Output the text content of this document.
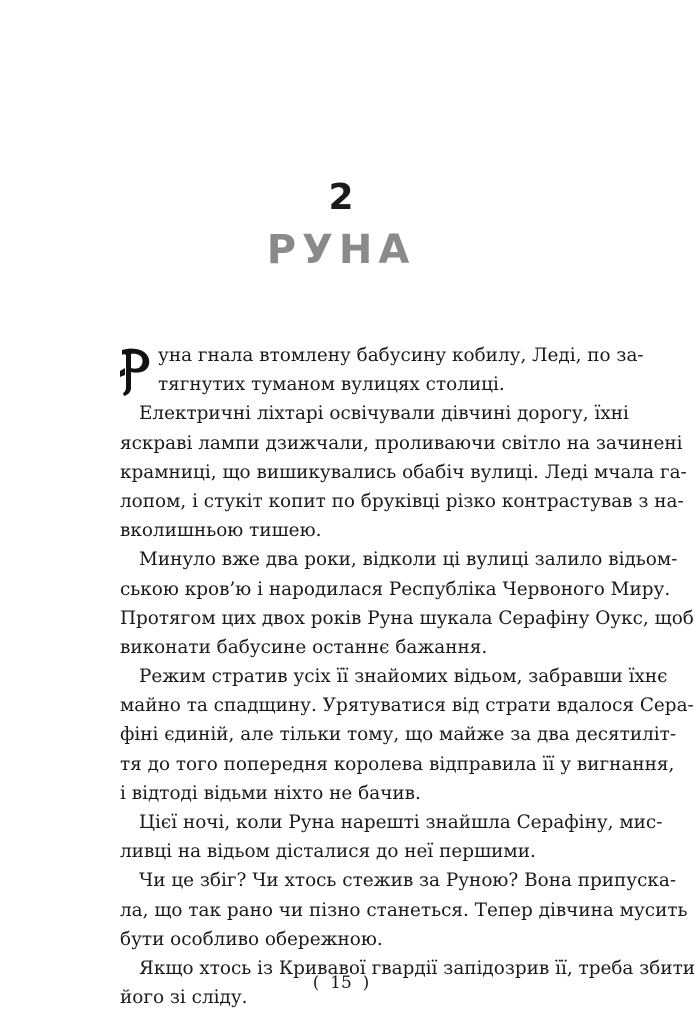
2
РУНА
уна гнала втомлену бабусину кобилу, Леді, по за-
тягнутих туманом вулицях столиці.
Електричні ліхтарі освічували дівчині дорогу, їхні
яскраві лампи дзижчали, проливаючи світло на зачинені
крамниці, що вишикувались обабіч вулиці. Леді мчала га-
лопом, і стукіт копит по бруківці різко контрастував з на-
вколишньою тишею.
Минуло вже два роки, відколи ці вулиці залило відьом-
ською кров’ю і народилася Республіка Червоного Миру.
Протягом цих двох років Руна шукала Серафіну Оукс, щоб
виконати бабусине останнє бажання.
Режим стратив усіх її знайомих відьом, забравши їхнє
майно та спадщину. Урятуватися від страти вдалося Сера-
фіні єдиній, але тільки тому, що майже за два десятиліт-
тя до того попередня королева відправила її у вигнання,
і відтоді відьми ніхто не бачив.
Цієї ночі, коли Руна нарешті знайшла Серафіну, мис-
ливці на відьом дісталися до неї першими.
Чи це збіг? Чи хтось стежив за Руною? Вона припуска-
ла, що так рано чи пізно станеться. Тепер дівчина мусить
бути особливо обережною.
Якщо хтось із Кривавої гвардії запідозрив її, треба збити
його зі сліду.
(  15  )
